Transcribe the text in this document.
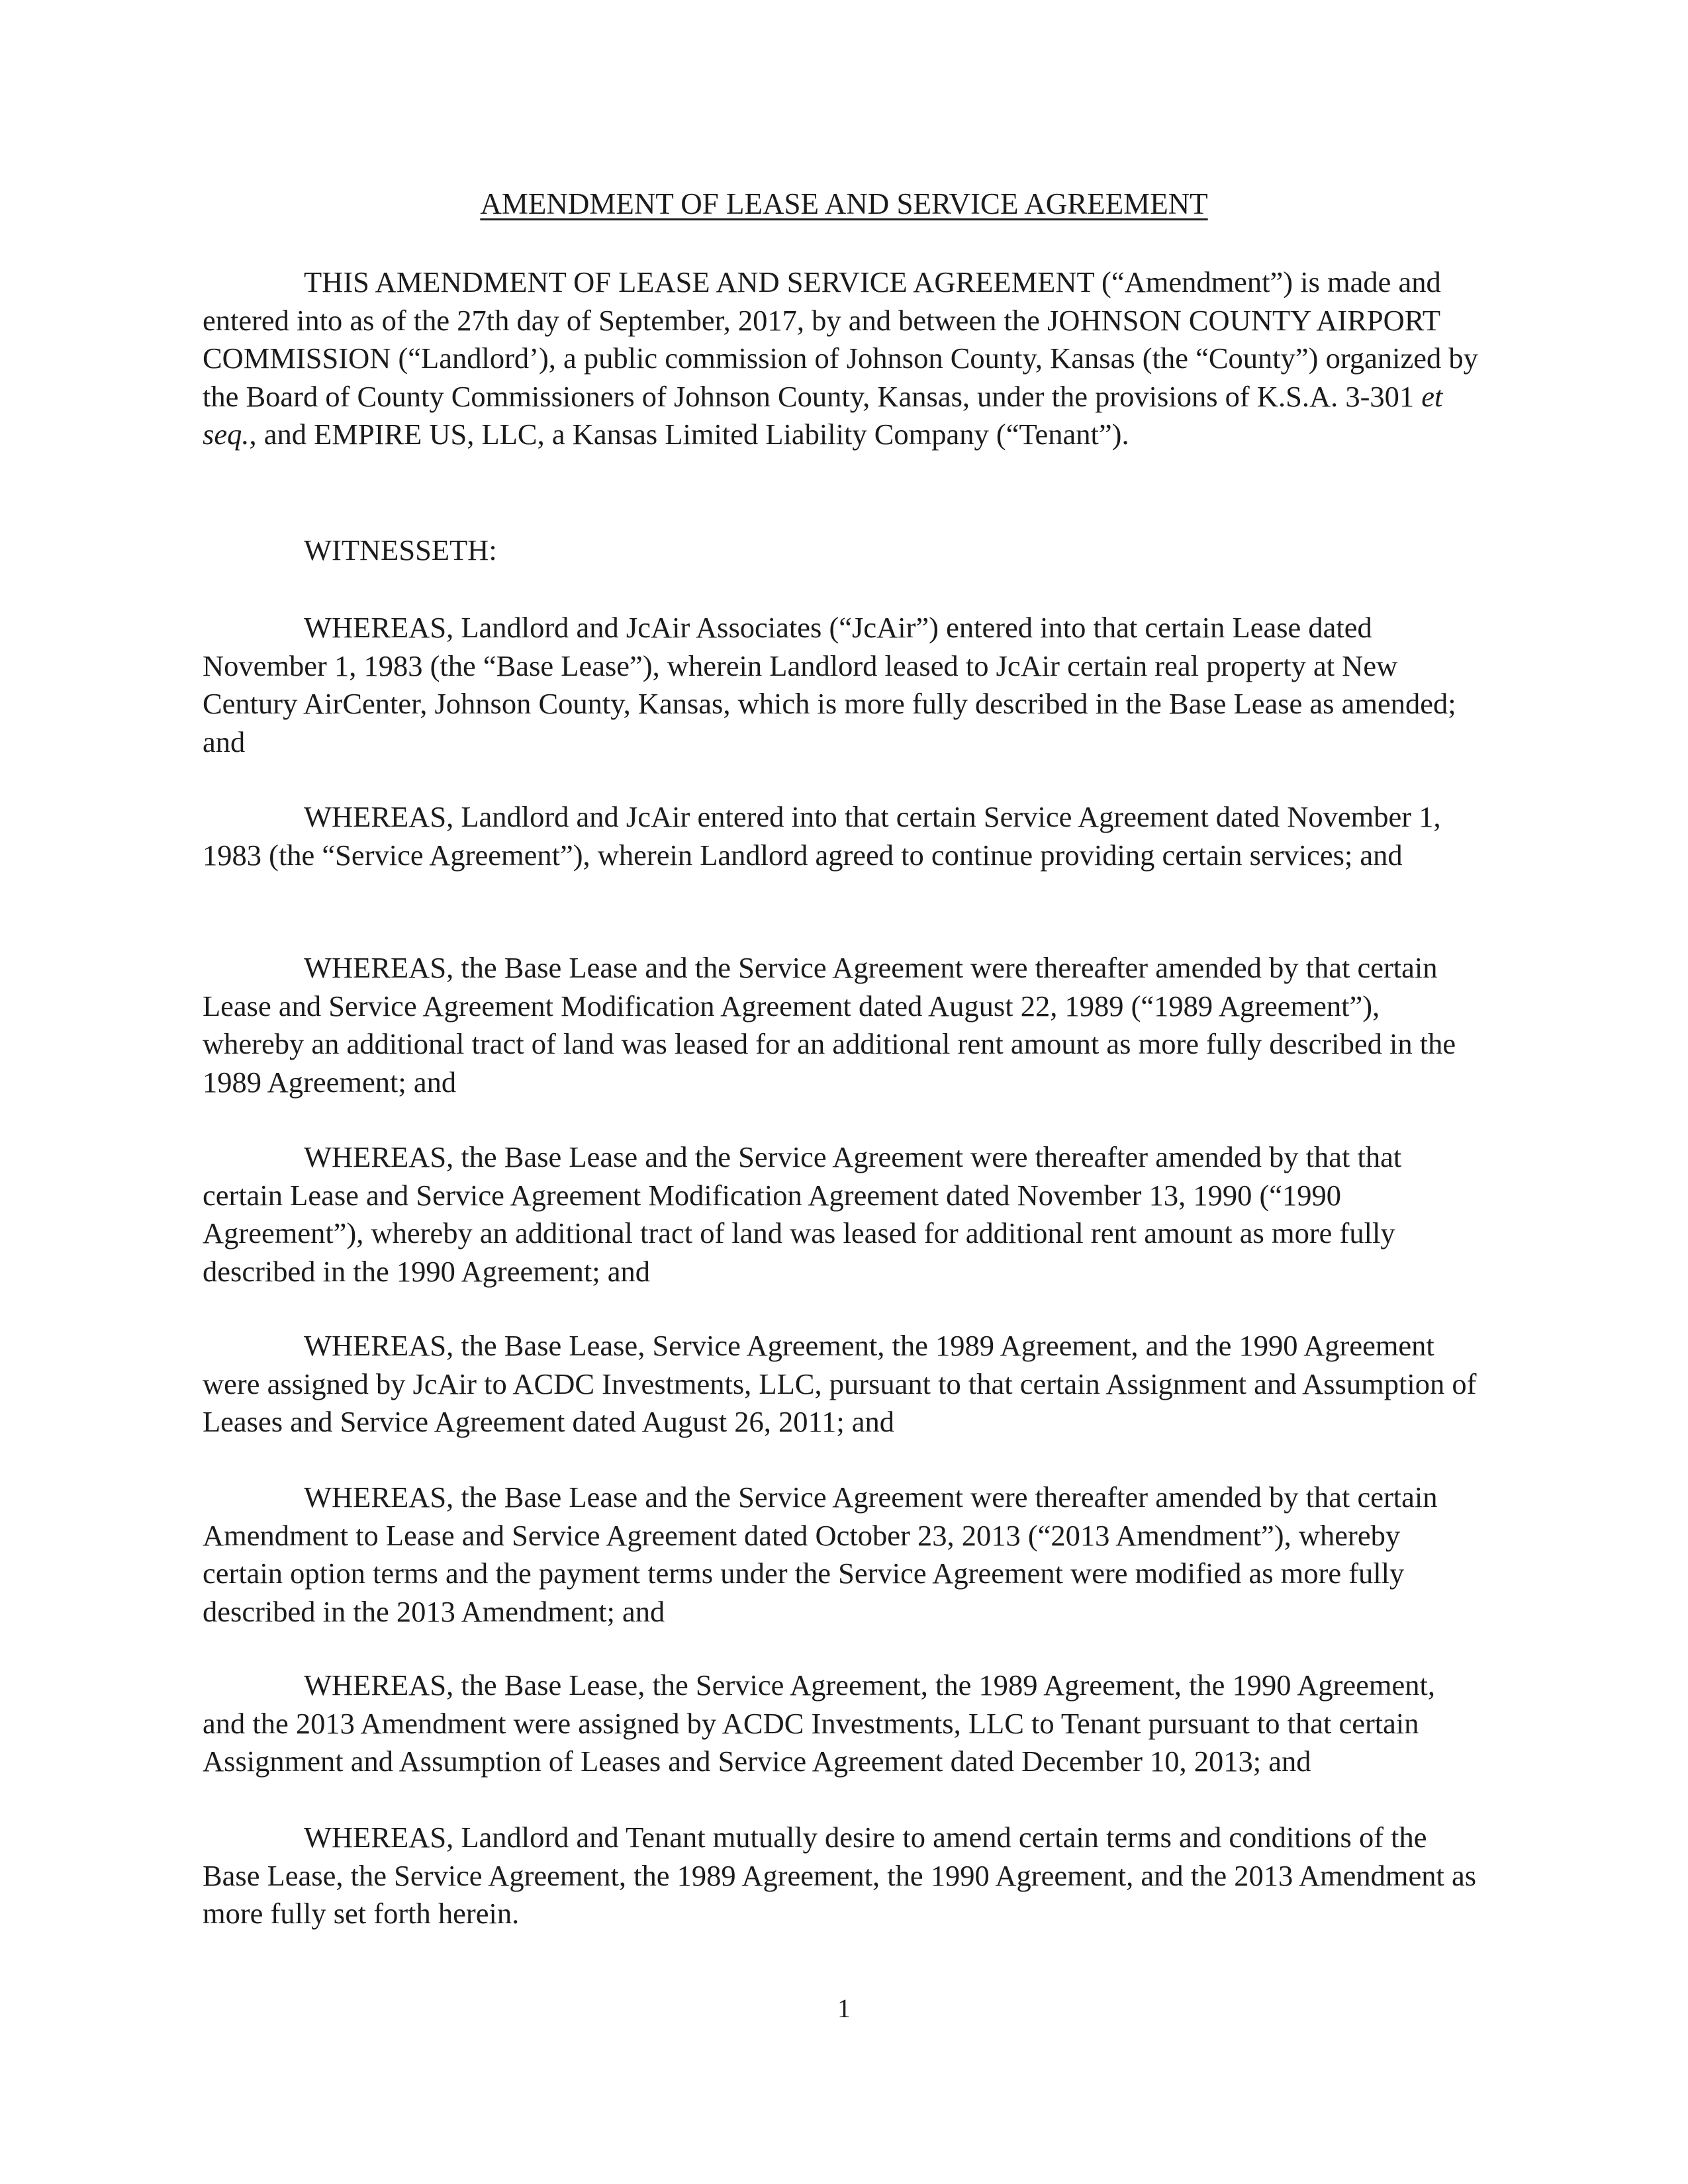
AMENDMENT OF LEASE AND SERVICE AGREEMENT

THIS AMENDMENT OF LEASE AND SERVICE AGREEMENT (“Amendment”) is made and entered into as of the 27th day of September, 2017, by and between the JOHNSON COUNTY AIRPORT COMMISSION (“Landlord’), a public commission of Johnson County, Kansas (the “County”) organized by the Board of County Commissioners of Johnson County, Kansas, under the provisions of K.S.A. 3-301 et seq., and EMPIRE US, LLC, a Kansas Limited Liability Company (“Tenant”).

WITNESSETH:

WHEREAS, Landlord and JcAir Associates (“JcAir”) entered into that certain Lease dated November 1, 1983 (the “Base Lease”), wherein Landlord leased to JcAir certain real property at New Century AirCenter, Johnson County, Kansas, which is more fully described in the Base Lease as amended; and

WHEREAS, Landlord and JcAir entered into that certain Service Agreement dated November 1, 1983 (the “Service Agreement”), wherein Landlord agreed to continue providing certain services; and

WHEREAS, the Base Lease and the Service Agreement were thereafter amended by that certain Lease and Service Agreement Modification Agreement dated August 22, 1989 (“1989 Agreement”), whereby an additional tract of land was leased for an additional rent amount as more fully described in the 1989 Agreement; and

WHEREAS, the Base Lease and the Service Agreement were thereafter amended by that that certain Lease and Service Agreement Modification Agreement dated November 13, 1990 (“1990 Agreement”), whereby an additional tract of land was leased for additional rent amount as more fully described in the 1990 Agreement; and

WHEREAS, the Base Lease, Service Agreement, the 1989 Agreement, and the 1990 Agreement were assigned by JcAir to ACDC Investments, LLC, pursuant to that certain Assignment and Assumption of Leases and Service Agreement dated August 26, 2011; and

WHEREAS, the Base Lease and the Service Agreement were thereafter amended by that certain Amendment to Lease and Service Agreement dated October 23, 2013 (“2013 Amendment”), whereby certain option terms and the payment terms under the Service Agreement were modified as more fully described in the 2013 Amendment; and

WHEREAS, the Base Lease, the Service Agreement, the 1989 Agreement, the 1990 Agreement, and the 2013 Amendment were assigned by ACDC Investments, LLC to Tenant pursuant to that certain Assignment and Assumption of Leases and Service Agreement dated December 10, 2013; and

WHEREAS, Landlord and Tenant mutually desire to amend certain terms and conditions of the Base Lease, the Service Agreement, the 1989 Agreement, the 1990 Agreement, and the 2013 Amendment as more fully set forth herein.

1
